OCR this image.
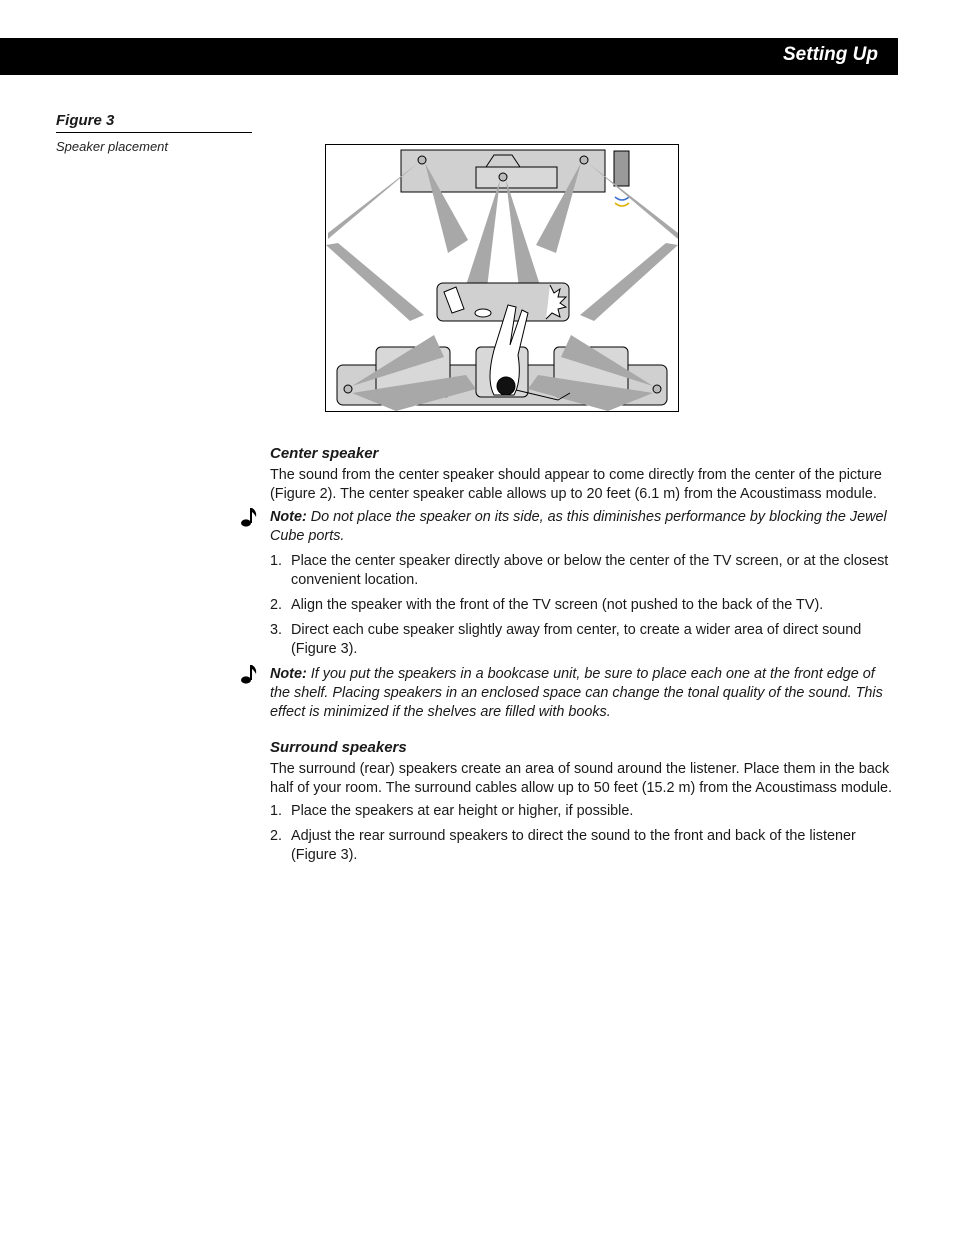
Setting Up
Figure 3
Speaker placement
Center speaker

The sound from the center speaker should appear to come directly from the center of the picture (Figure 2). The center speaker cable allows up to 20 feet (6.1 m) from the Acoustimass module.

Note: Do not place the speaker on its side, as this diminishes performance by blocking the Jewel Cube ports.
1. Place the center speaker directly above or below the center of the TV screen, or at the closest convenient location.
2. Align the speaker with the front of the TV screen (not pushed to the back of the TV).
3. Direct each cube speaker slightly away from center, to create a wider area of direct sound (Figure 3).
Note: If you put the speakers in a bookcase unit, be sure to place each one at the front edge of the shelf. Placing speakers in an enclosed space can change the tonal quality of the sound. This effect is minimized if the shelves are filled with books.
Surround speakers

The surround (rear) speakers create an area of sound around the listener. Place them in the back half of your room. The surround cables allow up to 50 feet (15.2 m) from the Acoustimass module.

1. Place the speakers at ear height or higher, if possible.
2. Adjust the rear surround speakers to direct the sound to the front and back of the listener (Figure 3).
